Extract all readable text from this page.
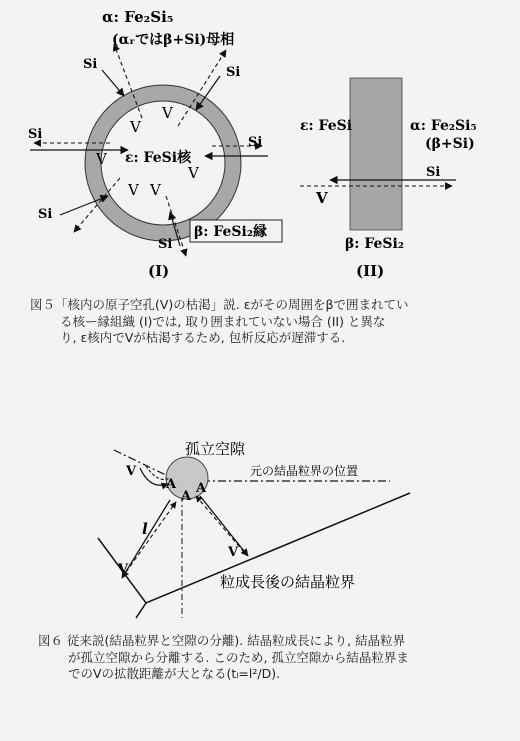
α: Fe₂Si₅
(αᵣではβ+Si)母相
ε: FeSi核
Si
Si
Si
Si
Si
Si
V
V
V
V
V V
β: FeSi₂縁
(I)
ε: FeSi	α: Fe₂Si₅
(β+Si)
Si
V
β: FeSi₂
(II)
孤立空隙
元の結晶粒界の位置
粒成長後の結晶粒界
A
A
A
V
V
V
l
図５「核内の原子空孔(V)の枯渇」説. εがその周囲をβで囲まれてい
る核ー縁組織 (I)では, 取り囲まれていない場合 (II) と異な
り, ε核内でVが枯渇するため, 包析反応が遅滞する.
図６ 従来説(結晶粒界と空隙の分離). 結晶粒成長により, 結晶粒界
が孤立空隙から分離する. このため, 孤立空隙から結晶粒界ま
でのVの拡散距離が大となる(tₗ=l²/D).
